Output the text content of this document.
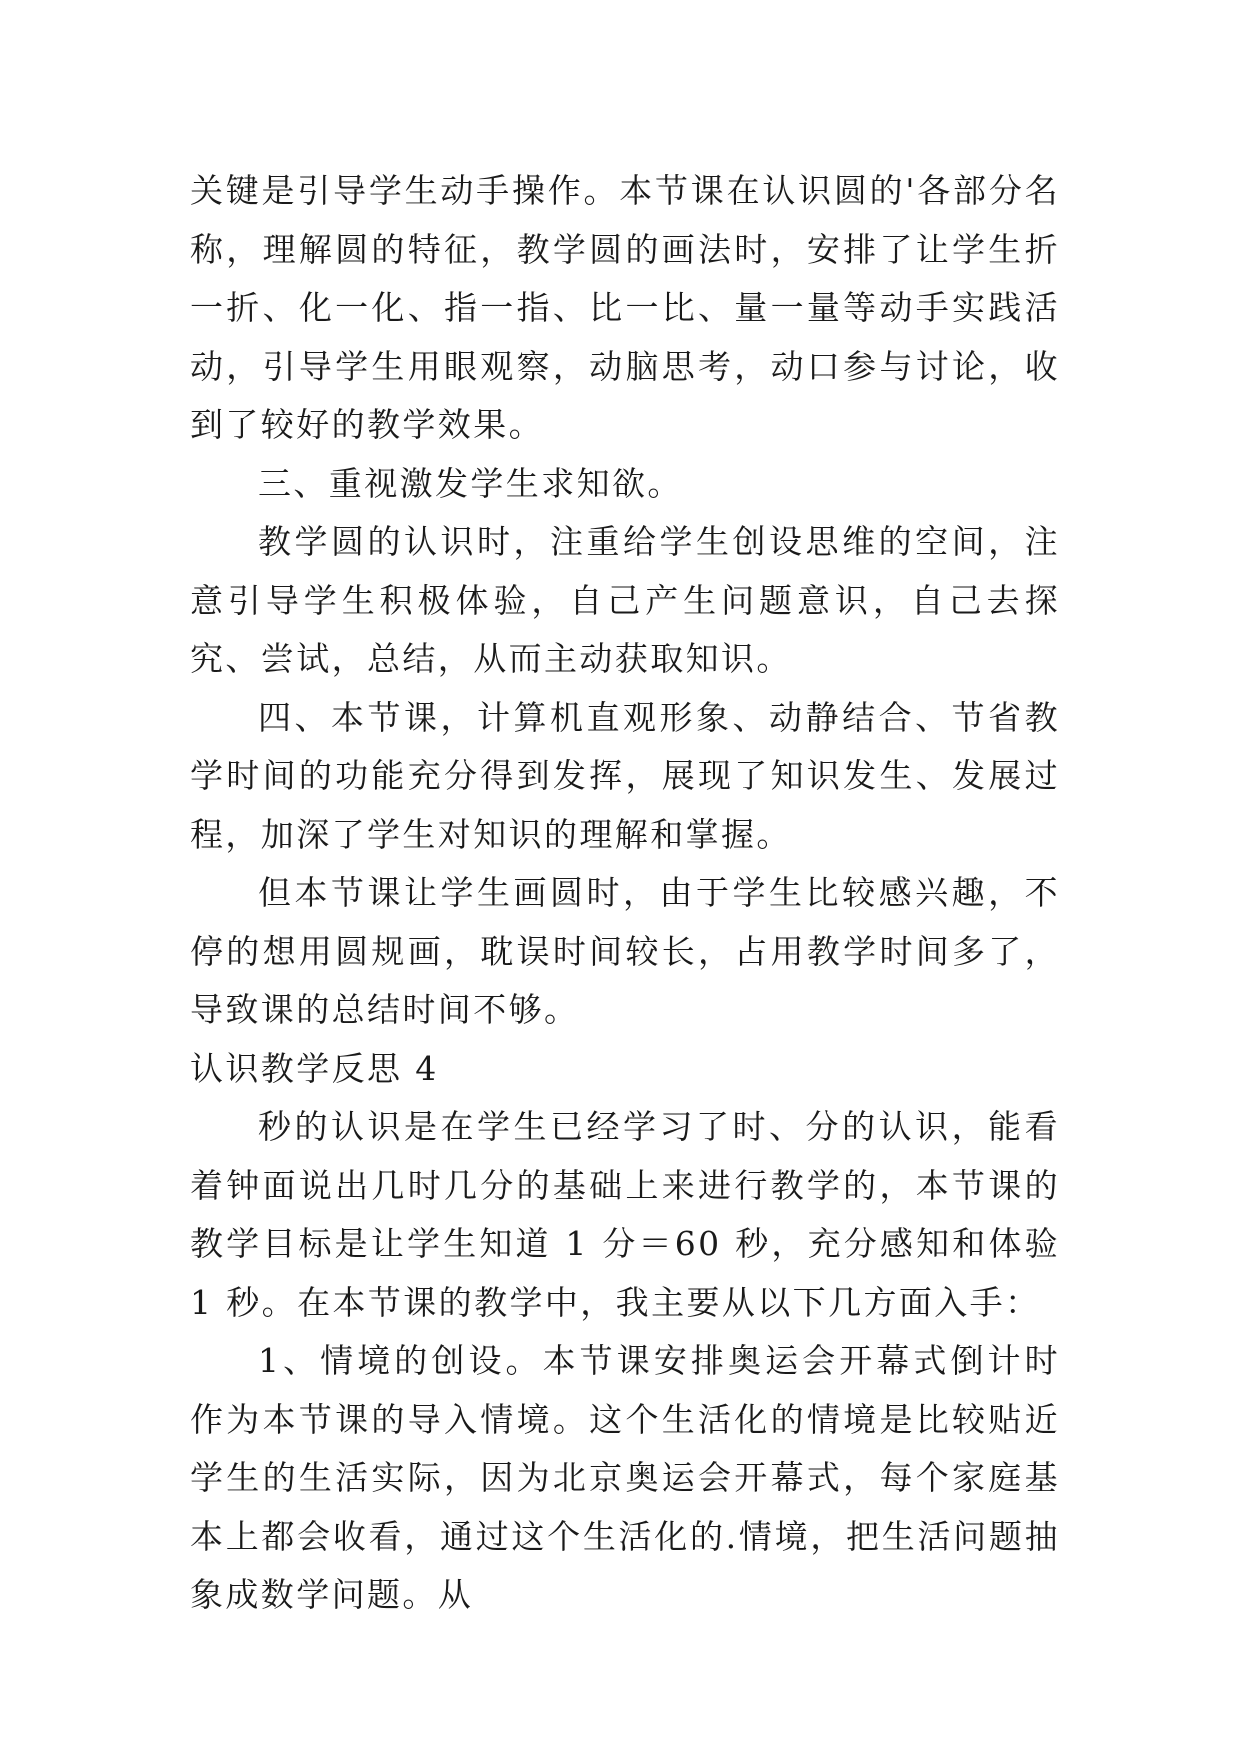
关键是引导学生动手操作。本节课在认识圆的'各部分名称，理解圆的特征，教学圆的画法时，安排了让学生折一折、化一化、指一指、比一比、量一量等动手实践活动，引导学生用眼观察，动脑思考，动口参与讨论，收到了较好的教学效果。

三、重视激发学生求知欲。

教学圆的认识时，注重给学生创设思维的空间，注意引导学生积极体验，自己产生问题意识，自己去探究、尝试，总结，从而主动获取知识。

四、本节课，计算机直观形象、动静结合、节省教学时间的功能充分得到发挥，展现了知识发生、发展过程，加深了学生对知识的理解和掌握。

但本节课让学生画圆时，由于学生比较感兴趣，不停的想用圆规画，耽误时间较长，占用教学时间多了，导致课的总结时间不够。

认识教学反思 4

秒的认识是在学生已经学习了时、分的认识，能看着钟面说出几时几分的基础上来进行教学的，本节课的教学目标是让学生知道 1 分＝60 秒，充分感知和体验 1 秒。在本节课的教学中，我主要从以下几方面入手：

1、情境的创设。本节课安排奥运会开幕式倒计时作为本节课的导入情境。这个生活化的情境是比较贴近学生的生活实际，因为北京奥运会开幕式，每个家庭基本上都会收看，通过这个生活化的.情境，把生活问题抽象成数学问题。从
